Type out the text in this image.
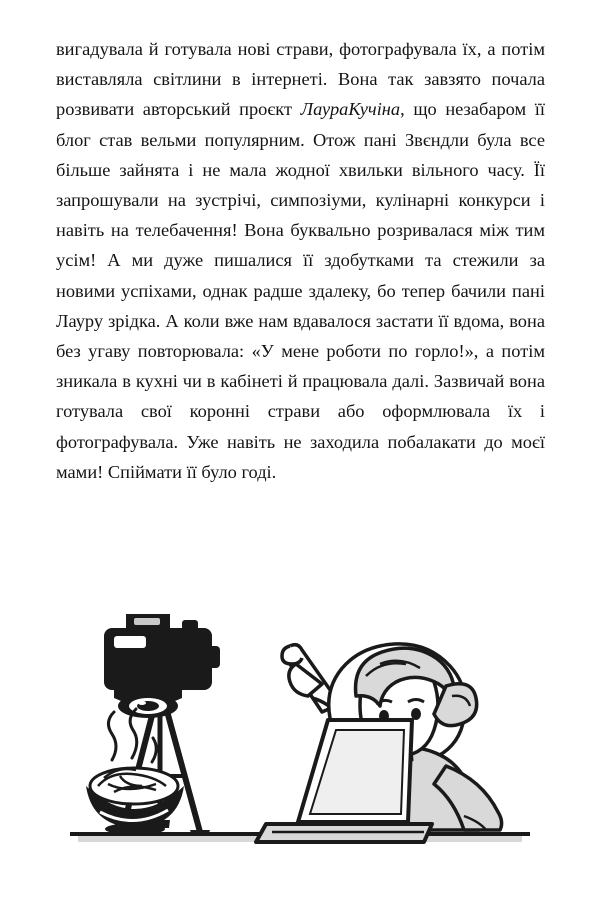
вигадувала й готувала нові страви, фотографувала їх, а потім виставляла світлини в інтернеті. Вона так завзято почала розвивати авторський проєкт ЛаураКучіна, що незабаром її блог став вельми популярним. Отож пані Звєндли була все більше зайнята і не мала жодної хвильки вільного часу. Її запрошували на зустрічі, симпозіуми, кулінарні конкурси і навіть на телебачення! Вона буквально розривалася між тим усім! А ми дуже пишалися її здобутками та стежили за новими успіхами, однак радше здалеку, бо тепер бачили пані Лауру зрідка. А коли вже нам вдавалося застати її вдома, вона без угаву повторювала: «У мене роботи по горло!», а потім зникала в кухні чи в кабінеті й працювала далі. Зазвичай вона готувала свої коронні страви або оформлювала їх і фотографувала. Уже навіть не заходила побалакати до моєї мами! Спіймати її було годі.
